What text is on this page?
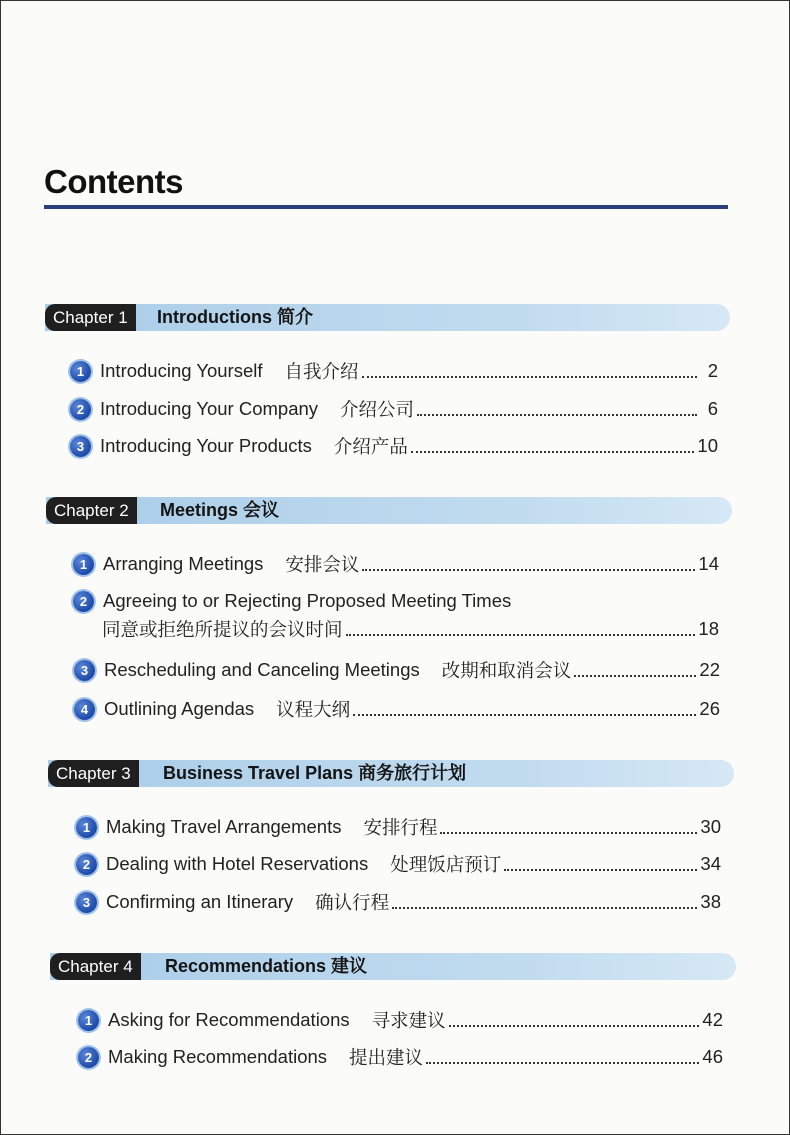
Contents
Chapter 1	Introductions 简介
1 Introducing Yourself 自我介绍	2
2 Introducing Your Company 介绍公司	6
3 Introducing Your Products 介绍产品	10
Chapter 2	Meetings 会议
1 Arranging Meetings 安排会议	14
2 Agreeing to or Rejecting Proposed Meeting Times
同意或拒绝所提议的会议时间	18
3 Rescheduling and Canceling Meetings 改期和取消会议	22
4 Outlining Agendas 议程大纲	26
Chapter 3	Business Travel Plans 商务旅行计划
1 Making Travel Arrangements 安排行程	30
2 Dealing with Hotel Reservations 处理饭店预订	34
3 Confirming an Itinerary 确认行程	38
Chapter 4	Recommendations 建议
1 Asking for Recommendations 寻求建议	42
2 Making Recommendations 提出建议	46
